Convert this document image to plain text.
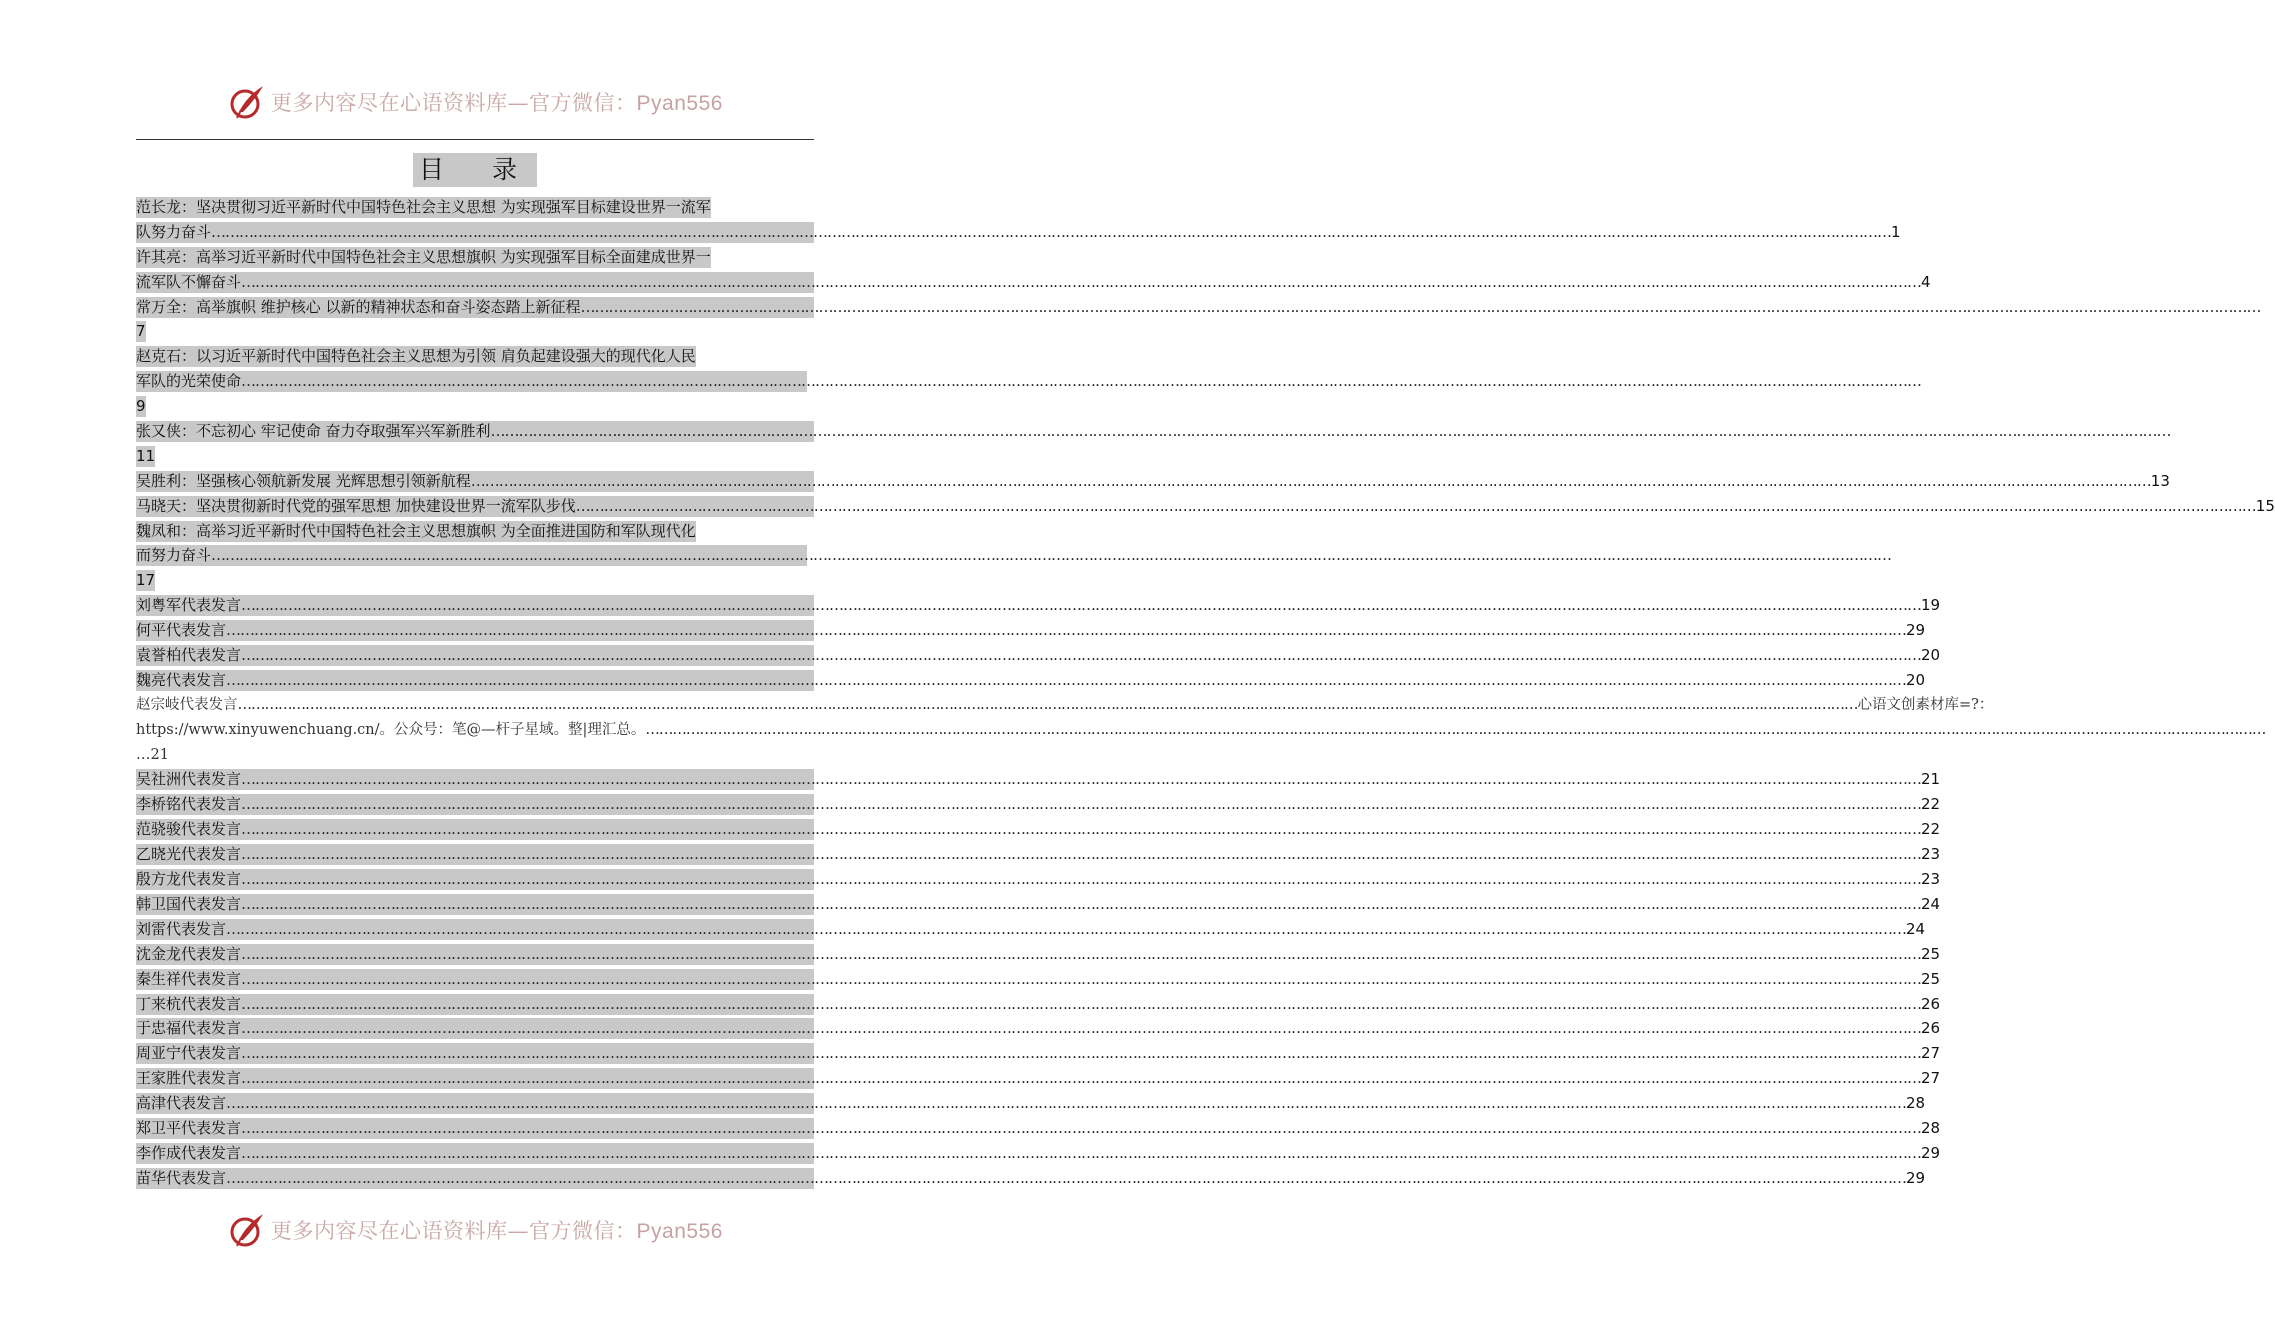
更多内容尽在心语资料库—官方微信：Pyan556
目 录
范长龙：坚决贯彻习近平新时代中国特色社会主义思想 为实现强军目标建设世界一流军
队努力奋斗 ……………………………………………………………………………………………………………………………………………………………………………………………………………………………………………………………………………………………………………………………… 1
许其亮：高举习近平新时代中国特色社会主义思想旗帜 为实现强军目标全面建成世界一
流军队不懈奋斗 ……………………………………………………………………………………………………………………………………………………………………………………………………………………………………………………………………………………………………………………………… 4
常万全：高举旗帜 维护核心 以新的精神状态和奋斗姿态踏上新征程 ………………………………………………………………………………………………………………………………………………………………………………………………………………………………………………………………………………………………………………………………
7
赵克石：以习近平新时代中国特色社会主义思想为引领 肩负起建设强大的现代化人民
军队的光荣使命 ………………………………………………………………………………………………………………………………………………………………………………………………………………………………………………………………………………………………………………………………
9
张又侠：不忘初心 牢记使命 奋力夺取强军兴军新胜利 ………………………………………………………………………………………………………………………………………………………………………………………………………………………………………………………………………………………………………………………………
11
吴胜利：坚强核心领航新发展 光辉思想引领新航程 ……………………………………………………………………………………………………………………………………………………………………………………………………………………………………………………………………………………………………………………………… 13
马晓天：坚决贯彻新时代党的强军思想 加快建设世界一流军队步伐 ……………………………………………………………………………………………………………………………………………………………………………………………………………………………………………………………………………………………………………………………… 15
魏凤和：高举习近平新时代中国特色社会主义思想旗帜 为全面推进国防和军队现代化
而努力奋斗 ………………………………………………………………………………………………………………………………………………………………………………………………………………………………………………………………………………………………………………………………
17
刘粤军代表发言 ……………………………………………………………………………………………………………………………………………………………………………………………………………………………………………………………………………………………………………………………… 19
何平代表发言 ……………………………………………………………………………………………………………………………………………………………………………………………………………………………………………………………………………………………………………………………… 29
袁誉柏代表发言 ……………………………………………………………………………………………………………………………………………………………………………………………………………………………………………………………………………………………………………………………… 20
魏亮代表发言 ……………………………………………………………………………………………………………………………………………………………………………………………………………………………………………………………………………………………………………………………… 20
赵宗岐代表发言 ……………………………………………………………………………………………………………………………………………………………………………………………………………………………………………………………………………………………………………………………… 心语文创素材库=?：
https://www.xinyuwenchuang.cn/。公众号：笔@—杆子星域。整|理汇总。 ………………………………………………………………………………………………………………………………………………………………………………………………………………………………………………………………………………………………………………………………
…21
吴社洲代表发言 ……………………………………………………………………………………………………………………………………………………………………………………………………………………………………………………………………………………………………………………………… 21
李桥铭代表发言 ……………………………………………………………………………………………………………………………………………………………………………………………………………………………………………………………………………………………………………………………… 22
范骁骏代表发言 ……………………………………………………………………………………………………………………………………………………………………………………………………………………………………………………………………………………………………………………………… 22
乙晓光代表发言 ……………………………………………………………………………………………………………………………………………………………………………………………………………………………………………………………………………………………………………………………… 23
殷方龙代表发言 ……………………………………………………………………………………………………………………………………………………………………………………………………………………………………………………………………………………………………………………………… 23
韩卫国代表发言 ……………………………………………………………………………………………………………………………………………………………………………………………………………………………………………………………………………………………………………………………… 24
刘雷代表发言 ……………………………………………………………………………………………………………………………………………………………………………………………………………………………………………………………………………………………………………………………… 24
沈金龙代表发言 ……………………………………………………………………………………………………………………………………………………………………………………………………………………………………………………………………………………………………………………………… 25
秦生祥代表发言 ……………………………………………………………………………………………………………………………………………………………………………………………………………………………………………………………………………………………………………………………… 25
丁来杭代表发言 ……………………………………………………………………………………………………………………………………………………………………………………………………………………………………………………………………………………………………………………………… 26
于忠福代表发言 ……………………………………………………………………………………………………………………………………………………………………………………………………………………………………………………………………………………………………………………………… 26
周亚宁代表发言 ……………………………………………………………………………………………………………………………………………………………………………………………………………………………………………………………………………………………………………………………… 27
王家胜代表发言 ……………………………………………………………………………………………………………………………………………………………………………………………………………………………………………………………………………………………………………………………… 27
高津代表发言 ……………………………………………………………………………………………………………………………………………………………………………………………………………………………………………………………………………………………………………………………… 28
郑卫平代表发言 ……………………………………………………………………………………………………………………………………………………………………………………………………………………………………………………………………………………………………………………………… 28
李作成代表发言 ……………………………………………………………………………………………………………………………………………………………………………………………………………………………………………………………………………………………………………………………… 29
苗华代表发言 ……………………………………………………………………………………………………………………………………………………………………………………………………………………………………………………………………………………………………………………………… 29
更多内容尽在心语资料库—官方微信：Pyan556
